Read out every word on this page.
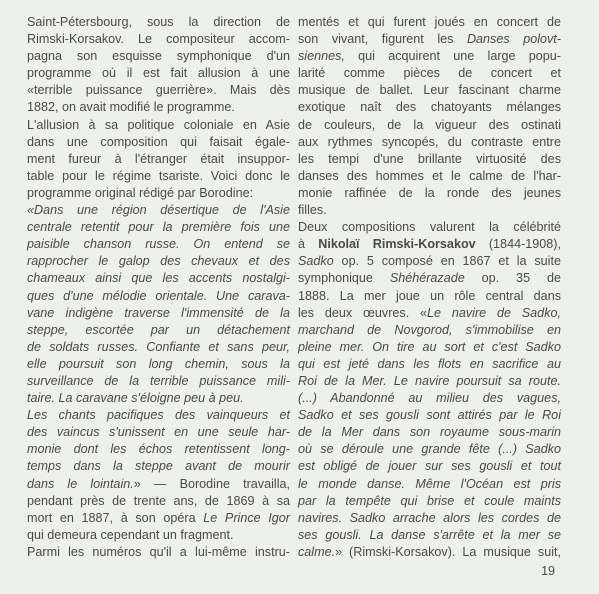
Saint-Pétersbourg, sous la direction de
Rimski-Korsakov. Le compositeur accom-
pagna son esquisse symphonique d'un
programme où il est fait allusion à une
«terrible puissance guerrière». Mais dès
1882, on avait modifié le programme.
L'allusion à sa politique coloniale en Asie
dans une composition qui faisait égale-
ment fureur à l'étranger était insuppor-
table pour le régime tsariste. Voici donc le
programme original rédigé par Borodine:
«Dans une région désertique de l'Asie
centrale retentit pour la première fois une
paisible chanson russe. On entend se
rapprocher le galop des chevaux et des
chameaux ainsi que les accents nostalgi-
ques d'une mélodie orientale. Une carava-
vane indigène traverse l'immensité de la
steppe, escortée par un détachement
de soldats russes. Confiante et sans peur,
elle poursuit son long chemin, sous la
surveillance de la terrible puissance mili-
taire. La caravane s'éloigne peu à peu.
Les chants pacifiques des vainqueurs et
des vaincus s'unissent en une seule har-
monie dont les échos retentissent long-
temps dans la steppe avant de mourir
dans le lointain.» — Borodine travailla,
pendant près de trente ans, de 1869 à sa
mort en 1887, à son opéra Le Prince Igor
qui demeura cependant un fragment.
Parmi les numéros qu'il a lui-même instru-
mentés et qui furent joués en concert de
son vivant, figurent les Danses polovt-
siennes, qui acquirent une large popu-
larité comme pièces de concert et
musique de ballet. Leur fascinant charme
exotique naît des chatoyants mélanges
de couleurs, de la vigueur des ostinati
aux rythmes syncopés, du contraste entre
les tempi d'une brillante virtuosité des
danses des hommes et le calme de l'har-
monie raffinée de la ronde des jeunes
filles.
Deux compositions valurent la célébrité
à Nikolaï Rimski-Korsakov (1844-1908),
Sadko op. 5 composé en 1867 et la suite
symphonique Shéhérazade op. 35 de
1888. La mer joue un rôle central dans
les deux œuvres. «Le navire de Sadko,
marchand de Novgorod, s'immobilise en
pleine mer. On tire au sort et c'est Sadko
qui est jeté dans les flots en sacrifice au
Roi de la Mer. Le navire poursuit sa route.
(...) Abandonné au milieu des vagues,
Sadko et ses gousli sont attirés par le Roi
de la Mer dans son royaume sous-marin
où se déroule une grande fête (...) Sadko
est obligé de jouer sur ses gousli et tout
le monde danse. Même l'Océan est pris
par la tempête qui brise et coule maints
navires. Sadko arrache alors les cordes de
ses gousli. La danse s'arrête et la mer se
calme.» (Rimski-Korsakov). La musique suit,
19
